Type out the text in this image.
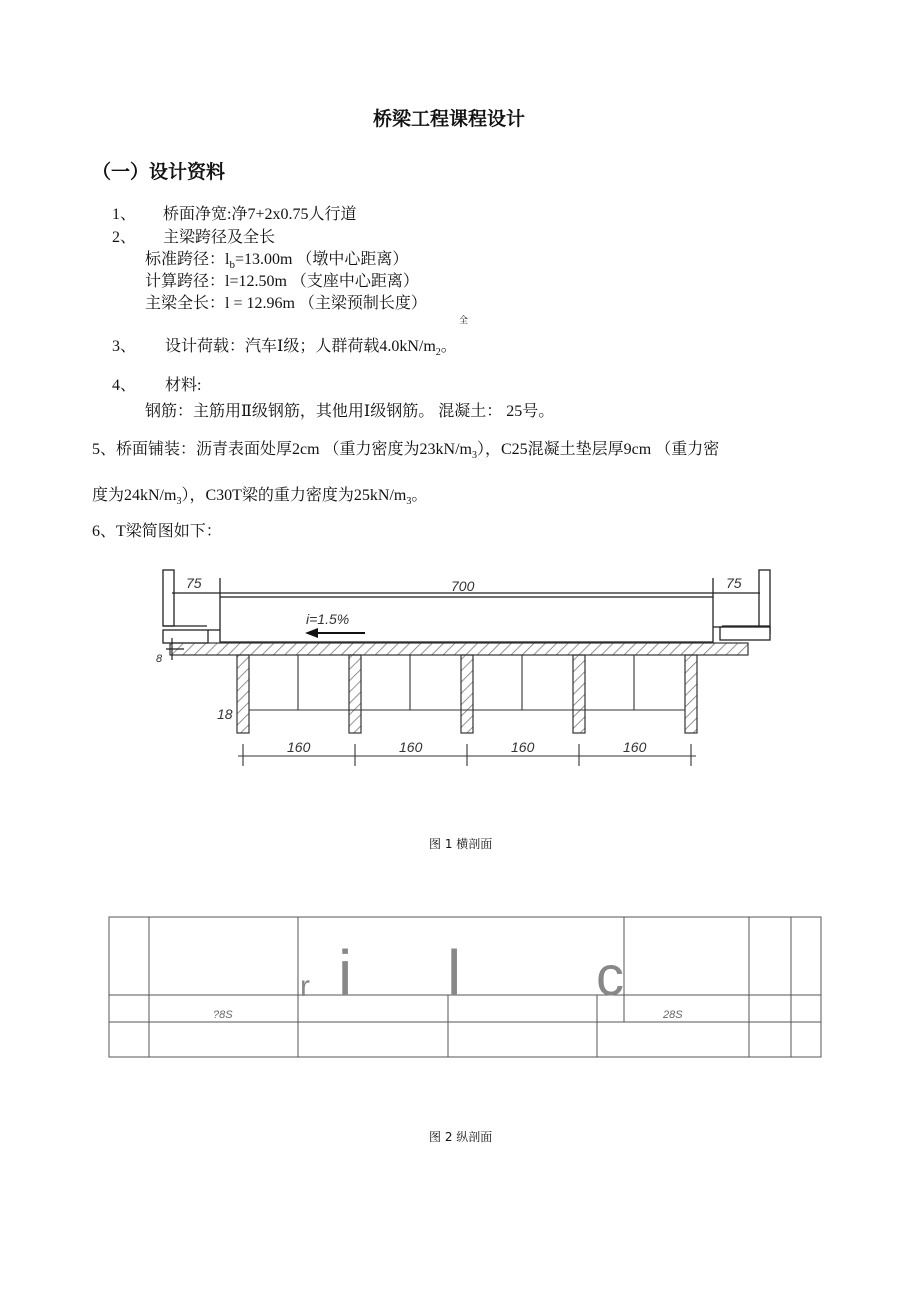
桥梁工程课程设计
（一）设计资料
1、 桥面净宽:净7+2x0.75人行道
2、 主梁跨径及全长
标准跨径：$l_b=13.00m$ （墩中心距离）
计算跨径：l=12.50m （支座中心距离）
主梁全长：l = 12.96m （主梁预制长度）
全
3、 设计荷载：汽车Ⅰ级；人群荷载$4.0kN/m_2$。
4、 材料:
钢筋：主筋用Ⅱ级钢筋，其他用Ⅰ级钢筋。 混凝土： 25号。
5、桥面铺装：沥青表面处厚2cm （重力密度为$23kN/m_3$），C25混凝土垫层厚9cm （重力密
度为$24kN/m_3$），C30T梁的重力密度为$25kN/m_3$。
6、T梁简图如下：
75	700	75
i=1.5%
8
18
160	160	160	160
图 1 横剖面
r i l c
?8S	28S
图 2 纵剖面
